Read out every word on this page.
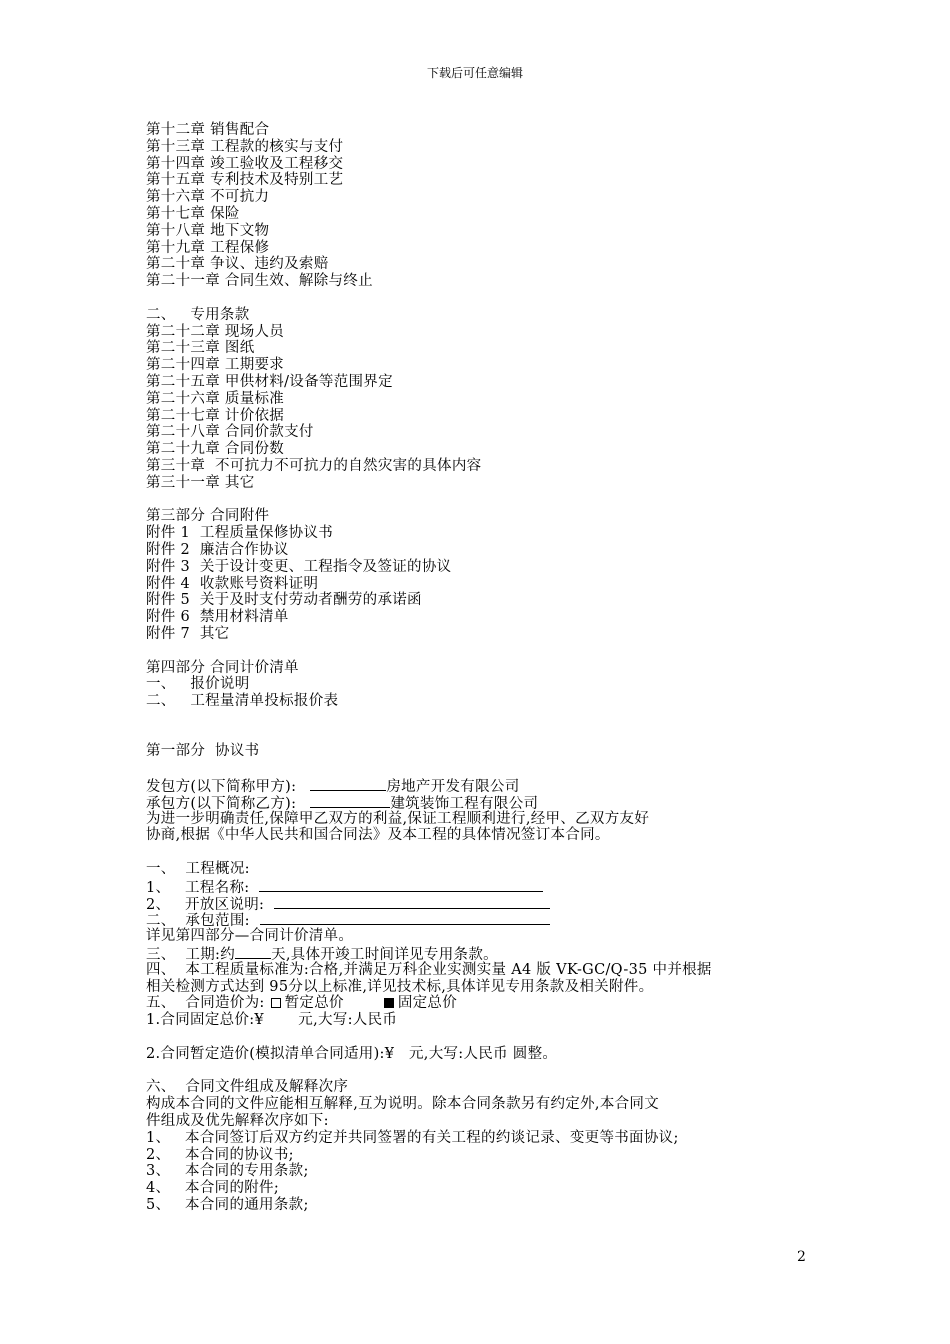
下载后可任意编辑
第十二章 销售配合
第十三章 工程款的核实与支付
第十四章 竣工验收及工程移交
第十五章 专利技术及特别工艺
第十六章 不可抗力
第十七章 保险
第十八章 地下文物
第十九章 工程保修
第二十章 争议、违约及索赔
第二十一章 合同生效、解除与终止
二、   专用条款
第二十二章 现场人员
第二十三章 图纸
第二十四章 工期要求
第二十五章 甲供材料/设备等范围界定
第二十六章 质量标准
第二十七章 计价依据
第二十八章 合同价款支付
第二十九章 合同份数
第三十章  不可抗力不可抗力的自然灾害的具体内容
第三十一章 其它
第三部分 合同附件
附件 1  工程质量保修协议书
附件 2  廉洁合作协议
附件 3  关于设计变更、工程指令及签证的协议
附件 4  收款账号资料证明
附件 5  关于及时支付劳动者酬劳的承诺函
附件 6  禁用材料清单
附件 7  其它
第四部分 合同计价清单
一、   报价说明
二、   工程量清单投标报价表
第一部分  协议书
发包方(以下简称甲方):	房地产开发有限公司
承包方(以下简称乙方):	建筑装饰工程有限公司
为进一步明确责任,保障甲乙双方的利益,保证工程顺利进行,经甲、乙双方友好
协商,根据《中华人民共和国合同法》及本工程的具体情况签订本合同。
一、  工程概况:
1、   工程名称:
2、   开放区说明:
二、  承包范围:
详见第四部分—合同计价清单。
三、  工期:约 天,具体开竣工时间详见专用条款。
四、  本工程质量标准为:合格,并满足万科企业实测实量 A4 版 VK-GC/Q-35 中并根据
相关检测方式达到 95分以上标准,详见技术标,具体详见专用条款及相关附件。
五、  合同造价为: 暂定总价	固定总价
1.合同固定总价:¥       元,大写:人民币
2.合同暂定造价(模拟清单合同适用):¥   元,大写:人民币 圆整。
六、  合同文件组成及解释次序
构成本合同的文件应能相互解释,互为说明。除本合同条款另有约定外,本合同文
件组成及优先解释次序如下:
1、   本合同签订后双方约定并共同签署的有关工程的约谈记录、变更等书面协议;
2、   本合同的协议书;
3、   本合同的专用条款;
4、   本合同的附件;
5、   本合同的通用条款;
2
